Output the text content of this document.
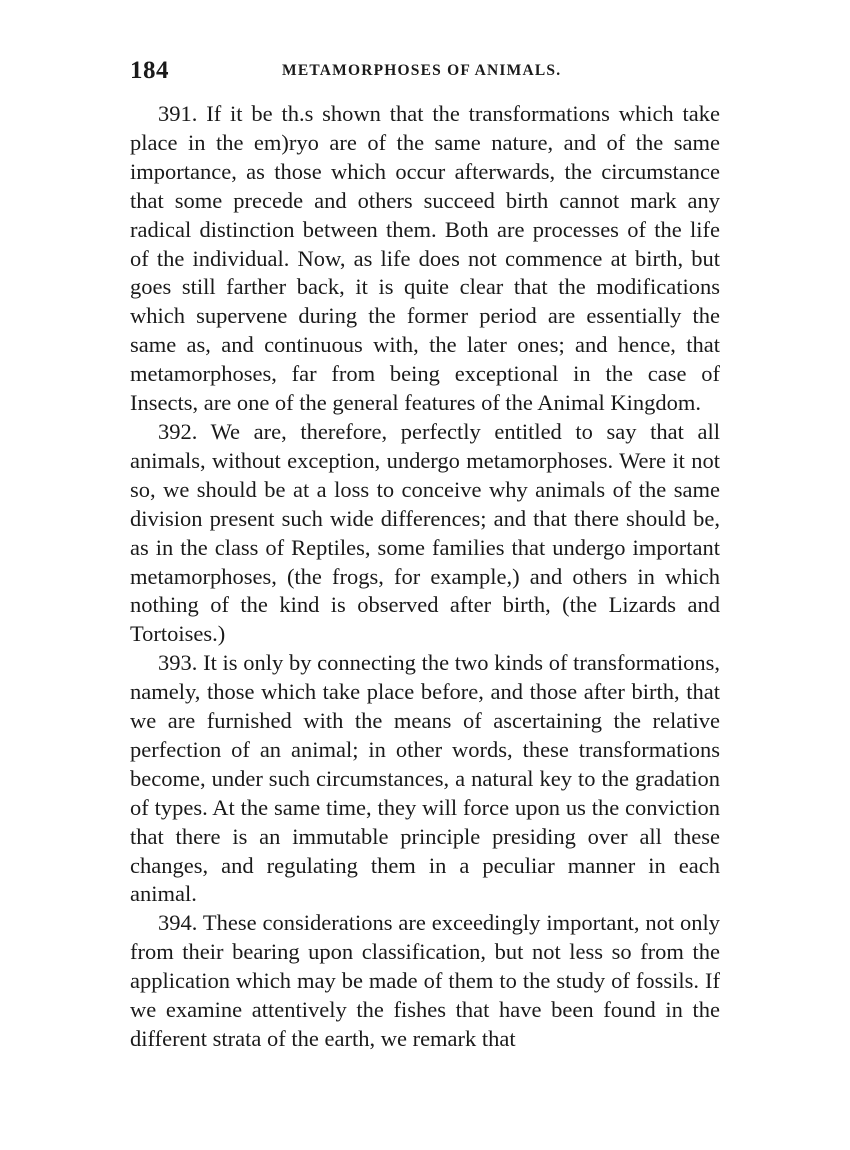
184	METAMORPHOSES OF ANIMALS.

391. If it be th.s shown that the transformations which take place in the em)ryo are of the same nature, and of the same importance, as those which occur afterwards, the circumstance that some precede and others succeed birth cannot mark any radical distinction between them. Both are processes of the life of the individual. Now, as life does not commence at birth, but goes still farther back, it is quite clear that the modifications which supervene during the former period are essentially the same as, and continuous with, the later ones; and hence, that metamorphoses, far from being exceptional in the case of Insects, are one of the general features of the Animal Kingdom.

392. We are, therefore, perfectly entitled to say that all animals, without exception, undergo metamorphoses. Were it not so, we should be at a loss to conceive why animals of the same division present such wide differences; and that there should be, as in the class of Reptiles, some families that undergo important metamorphoses, (the frogs, for example,) and others in which nothing of the kind is observed after birth, (the Lizards and Tortoises.)

393. It is only by connecting the two kinds of transformations, namely, those which take place before, and those after birth, that we are furnished with the means of ascertaining the relative perfection of an animal; in other words, these transformations become, under such circumstances, a natural key to the gradation of types. At the same time, they will force upon us the conviction that there is an immutable principle presiding over all these changes, and regulating them in a peculiar manner in each animal.

394. These considerations are exceedingly important, not only from their bearing upon classification, but not less so from the application which may be made of them to the study of fossils. If we examine attentively the fishes that have been found in the different strata of the earth, we remark that
